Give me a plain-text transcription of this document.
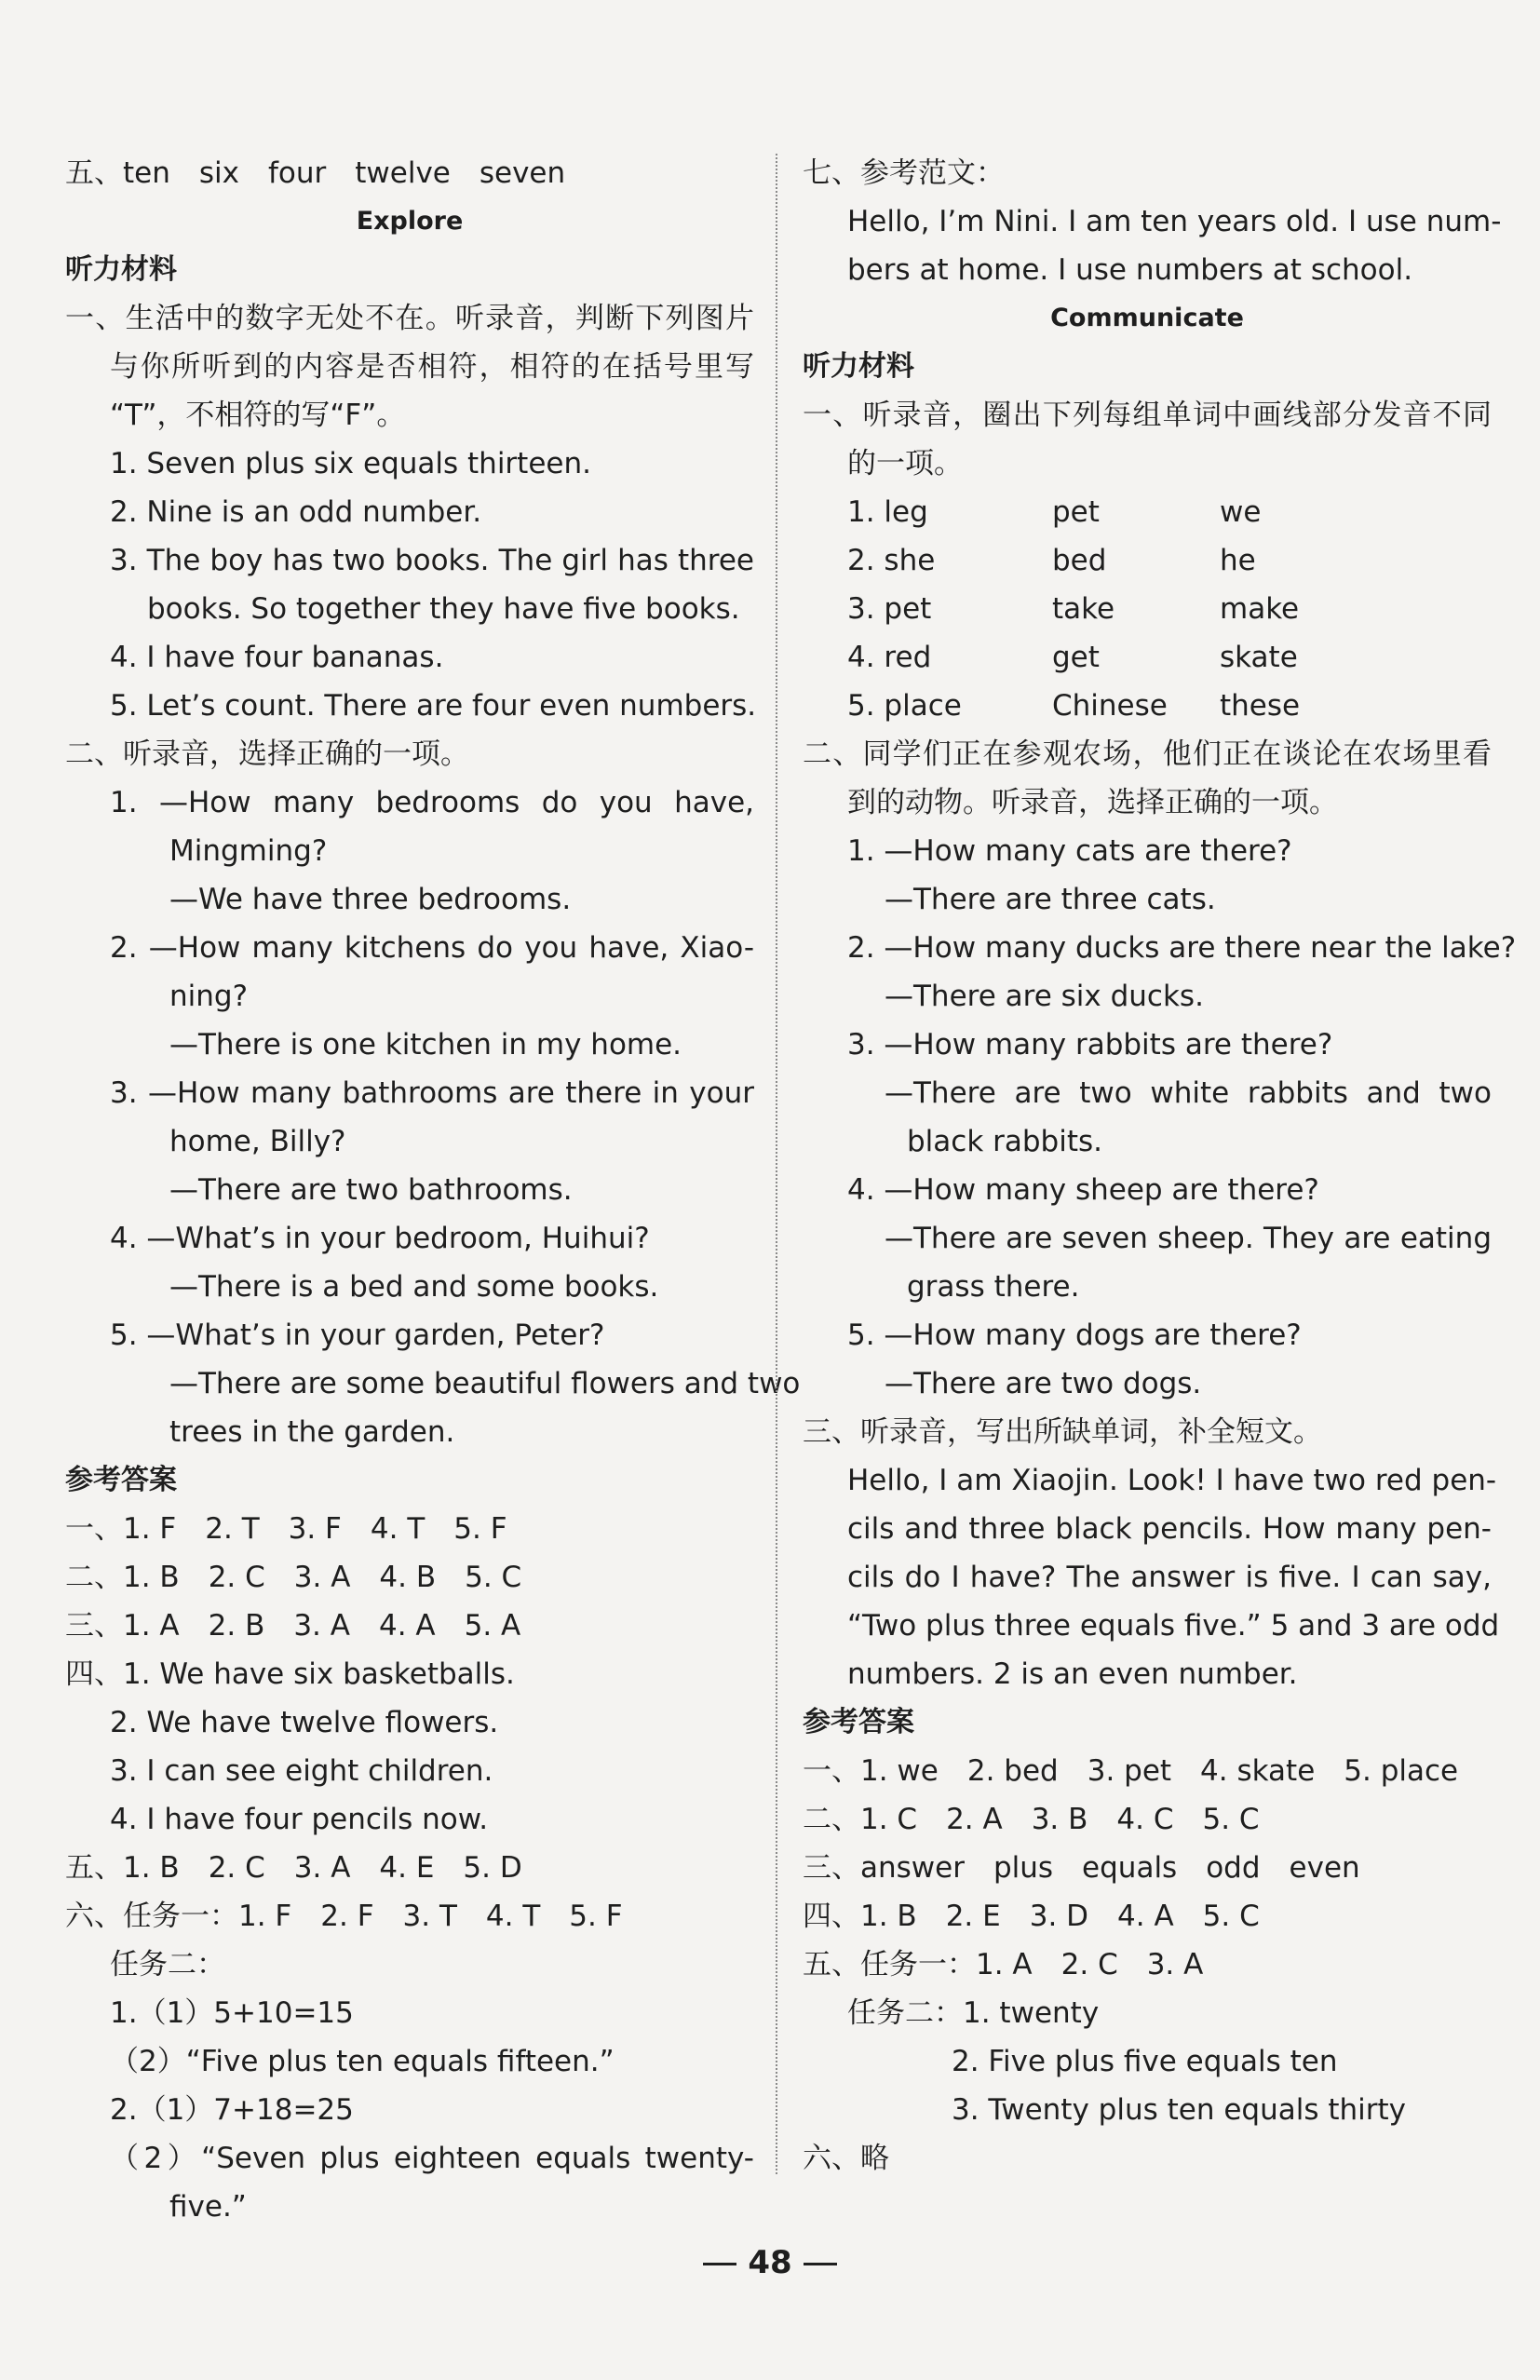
五、ten　six　four　twelve　seven
Explore
听力材料
一、生活中的数字无处不在。听录音，判断下列图片
与你所听到的内容是否相符，相符的在括号里写
“T”，不相符的写“F”。
1. Seven plus six equals thirteen.
2. Nine is an odd number.
3. The boy has two books. The girl has three
books. So together they have five books.
4. I have four bananas.
5. Let’s count. There are four even numbers.
二、听录音，选择正确的一项。
1. —How many bedrooms do you have,
Mingming?
—We have three bedrooms.
2. —How many kitchens do you have, Xiao-
ning?
—There is one kitchen in my home.
3. —How many bathrooms are there in your
home, Billy?
—There are two bathrooms.
4. —What’s in your bedroom, Huihui?
—There is a bed and some books.
5. —What’s in your garden, Peter?
—There are some beautiful flowers and two
trees in the garden.
参考答案
一、1. F　2. T　3. F　4. T　5. F
二、1. B　2. C　3. A　4. B　5. C
三、1. A　2. B　3. A　4. A　5. A
四、1. We have six basketballs.
2. We have twelve flowers.
3. I can see eight children.
4. I have four pencils now.
五、1. B　2. C　3. A　4. E　5. D
六、任务一：1. F　2. F　3. T　4. T　5. F
任务二：
1.（1）5+10=15
（2）“Five plus ten equals fifteen.”
2.（1）7+18=25
（2）“Seven plus eighteen equals twenty-
five.”
七、参考范文：
Hello, I’m Nini. I am ten years old. I use num-
bers at home. I use numbers at school.
Communicate
听力材料
一、听录音，圈出下列每组单词中画线部分发音不同
的一项。
1. leg	pet	we
2. she	bed	he
3. pet	take	make
4. red	get	skate
5. place	Chinese	these
二、同学们正在参观农场，他们正在谈论在农场里看
到的动物。听录音，选择正确的一项。
1. —How many cats are there?
—There are three cats.
2. —How many ducks are there near the lake?
—There are six ducks.
3. —How many rabbits are there?
—There are two white rabbits and two
black rabbits.
4. —How many sheep are there?
—There are seven sheep. They are eating
grass there.
5. —How many dogs are there?
—There are two dogs.
三、听录音，写出所缺单词，补全短文。
Hello, I am Xiaojin. Look! I have two red pen-
cils and three black pencils. How many pen-
cils do I have? The answer is five. I can say,
“Two plus three equals five.” 5 and 3 are odd
numbers. 2 is an even number.
参考答案
一、1. we　2. bed　3. pet　4. skate　5. place
二、1. C　2. A　3. B　4. C　5. C
三、answer　plus　equals　odd　even
四、1. B　2. E　3. D　4. A　5. C
五、任务一：1. A　2. C　3. A
任务二：1. twenty
2. Five plus five equals ten
3. Twenty plus ten equals thirty
六、略
48
